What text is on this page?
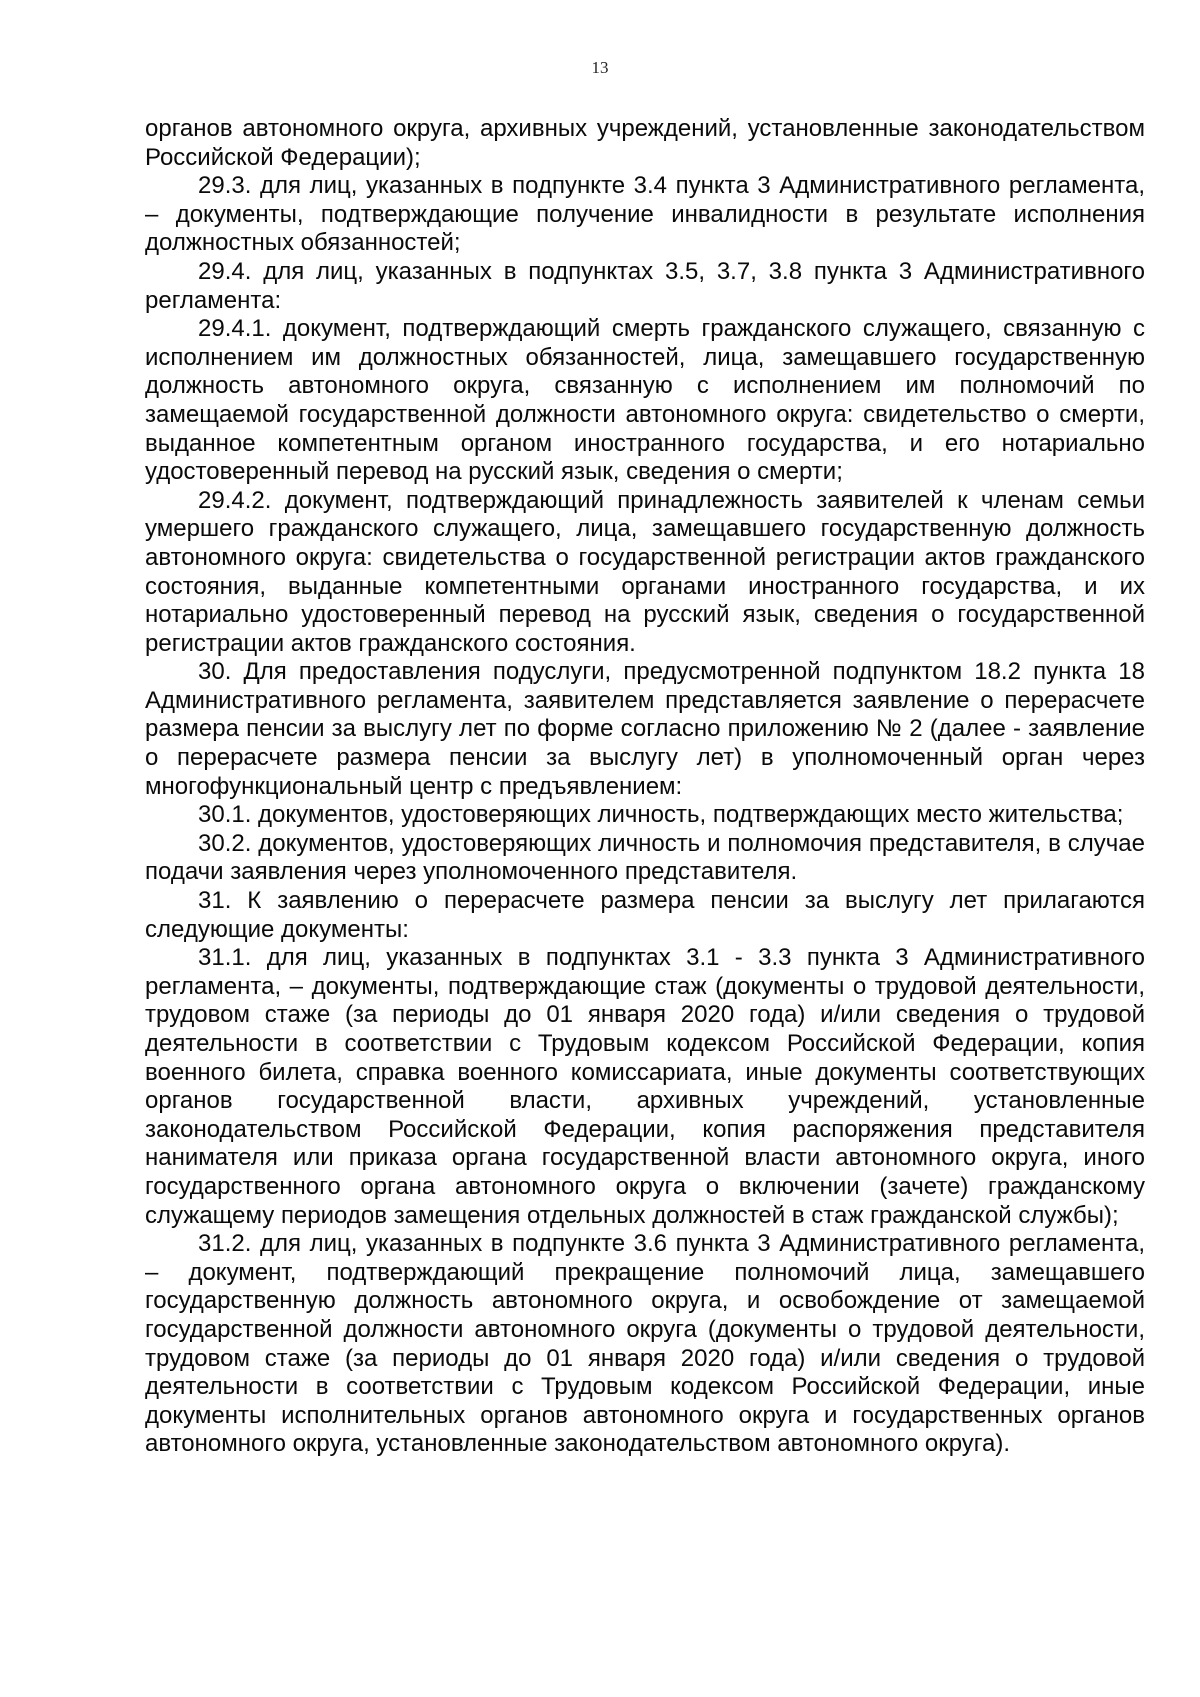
13

органов автономного округа, архивных учреждений, установленные законодательством Российской Федерации);

29.3. для лиц, указанных в подпункте 3.4 пункта 3 Административного регламента, – документы, подтверждающие получение инвалидности в результате исполнения должностных обязанностей;

29.4. для лиц, указанных в подпунктах 3.5, 3.7, 3.8 пункта 3 Административного регламента:

29.4.1. документ, подтверждающий смерть гражданского служащего, связанную с исполнением им должностных обязанностей, лица, замещавшего государственную должность автономного округа, связанную с исполнением им полномочий по замещаемой государственной должности автономного округа: свидетельство о смерти, выданное компетентным органом иностранного государства, и его нотариально удостоверенный перевод на русский язык, сведения о смерти;

29.4.2. документ, подтверждающий принадлежность заявителей к членам семьи умершего гражданского служащего, лица, замещавшего государственную должность автономного округа: свидетельства о государственной регистрации актов гражданского состояния, выданные компетентными органами иностранного государства, и их нотариально удостоверенный перевод на русский язык, сведения о государственной регистрации актов гражданского состояния.

30. Для предоставления подуслуги, предусмотренной подпунктом 18.2 пункта 18 Административного регламента, заявителем представляется заявление о перерасчете размера пенсии за выслугу лет по форме согласно приложению № 2 (далее - заявление о перерасчете размера пенсии за выслугу лет) в уполномоченный орган через многофункциональный центр с предъявлением:

30.1. документов, удостоверяющих личность, подтверждающих место жительства;

30.2. документов, удостоверяющих личность и полномочия представителя, в случае подачи заявления через уполномоченного представителя.

31. К заявлению о перерасчете размера пенсии за выслугу лет прилагаются следующие документы:

31.1. для лиц, указанных в подпунктах 3.1 - 3.3 пункта 3 Административного регламента, – документы, подтверждающие стаж (документы о трудовой деятельности, трудовом стаже (за периоды до 01 января 2020 года) и/или сведения о трудовой деятельности в соответствии с Трудовым кодексом Российской Федерации, копия военного билета, справка военного комиссариата, иные документы соответствующих органов государственной власти, архивных учреждений, установленные законодательством Российской Федерации, копия распоряжения представителя нанимателя или приказа органа государственной власти автономного округа, иного государственного органа автономного округа о включении (зачете) гражданскому служащему периодов замещения отдельных должностей в стаж гражданской службы);

31.2. для лиц, указанных в подпункте 3.6 пункта 3 Административного регламента, – документ, подтверждающий прекращение полномочий лица, замещавшего государственную должность автономного округа, и освобождение от замещаемой государственной должности автономного округа (документы о трудовой деятельности, трудовом стаже (за периоды до 01 января 2020 года) и/или сведения о трудовой деятельности в соответствии с Трудовым кодексом Российской Федерации, иные документы исполнительных органов автономного округа и государственных органов автономного округа, установленные законодательством автономного округа).
